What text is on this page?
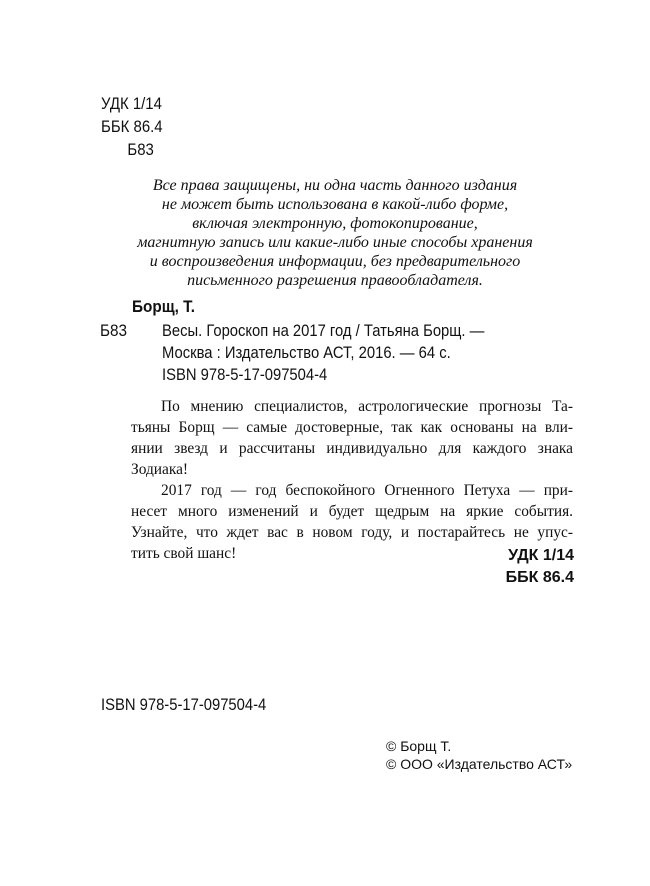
УДК 1/14
ББК 86.4
Б83
Все права защищены, ни одна часть данного издания
не может быть использована в какой-либо форме,
включая электронную, фотокопирование,
магнитную запись или какие-либо иные способы хранения
и воспроизведения информации, без предварительного
письменного разрешения правообладателя.
Борщ, Т.
Б83 Весы. Гороскоп на 2017 год / Татьяна Борщ. —
Москва : Издательство АСТ, 2016. — 64 с.
ISBN 978-5-17-097504-4
По мнению специалистов, астрологические прогнозы Та-
тьяны Борщ — самые достоверные, так как основаны на вли-
янии звезд и рассчитаны индивидуально для каждого знака
Зодиака!
2017 год — год беспокойного Огненного Петуха — при-
несет много изменений и будет щедрым на яркие события.
Узнайте, что ждет вас в новом году, и постарайтесь не упус-
тить свой шанс!	УДК 1/14
ББК 86.4
ISBN 978-5-17-097504-4
© Борщ Т.
© ООО «Издательство АСТ»
